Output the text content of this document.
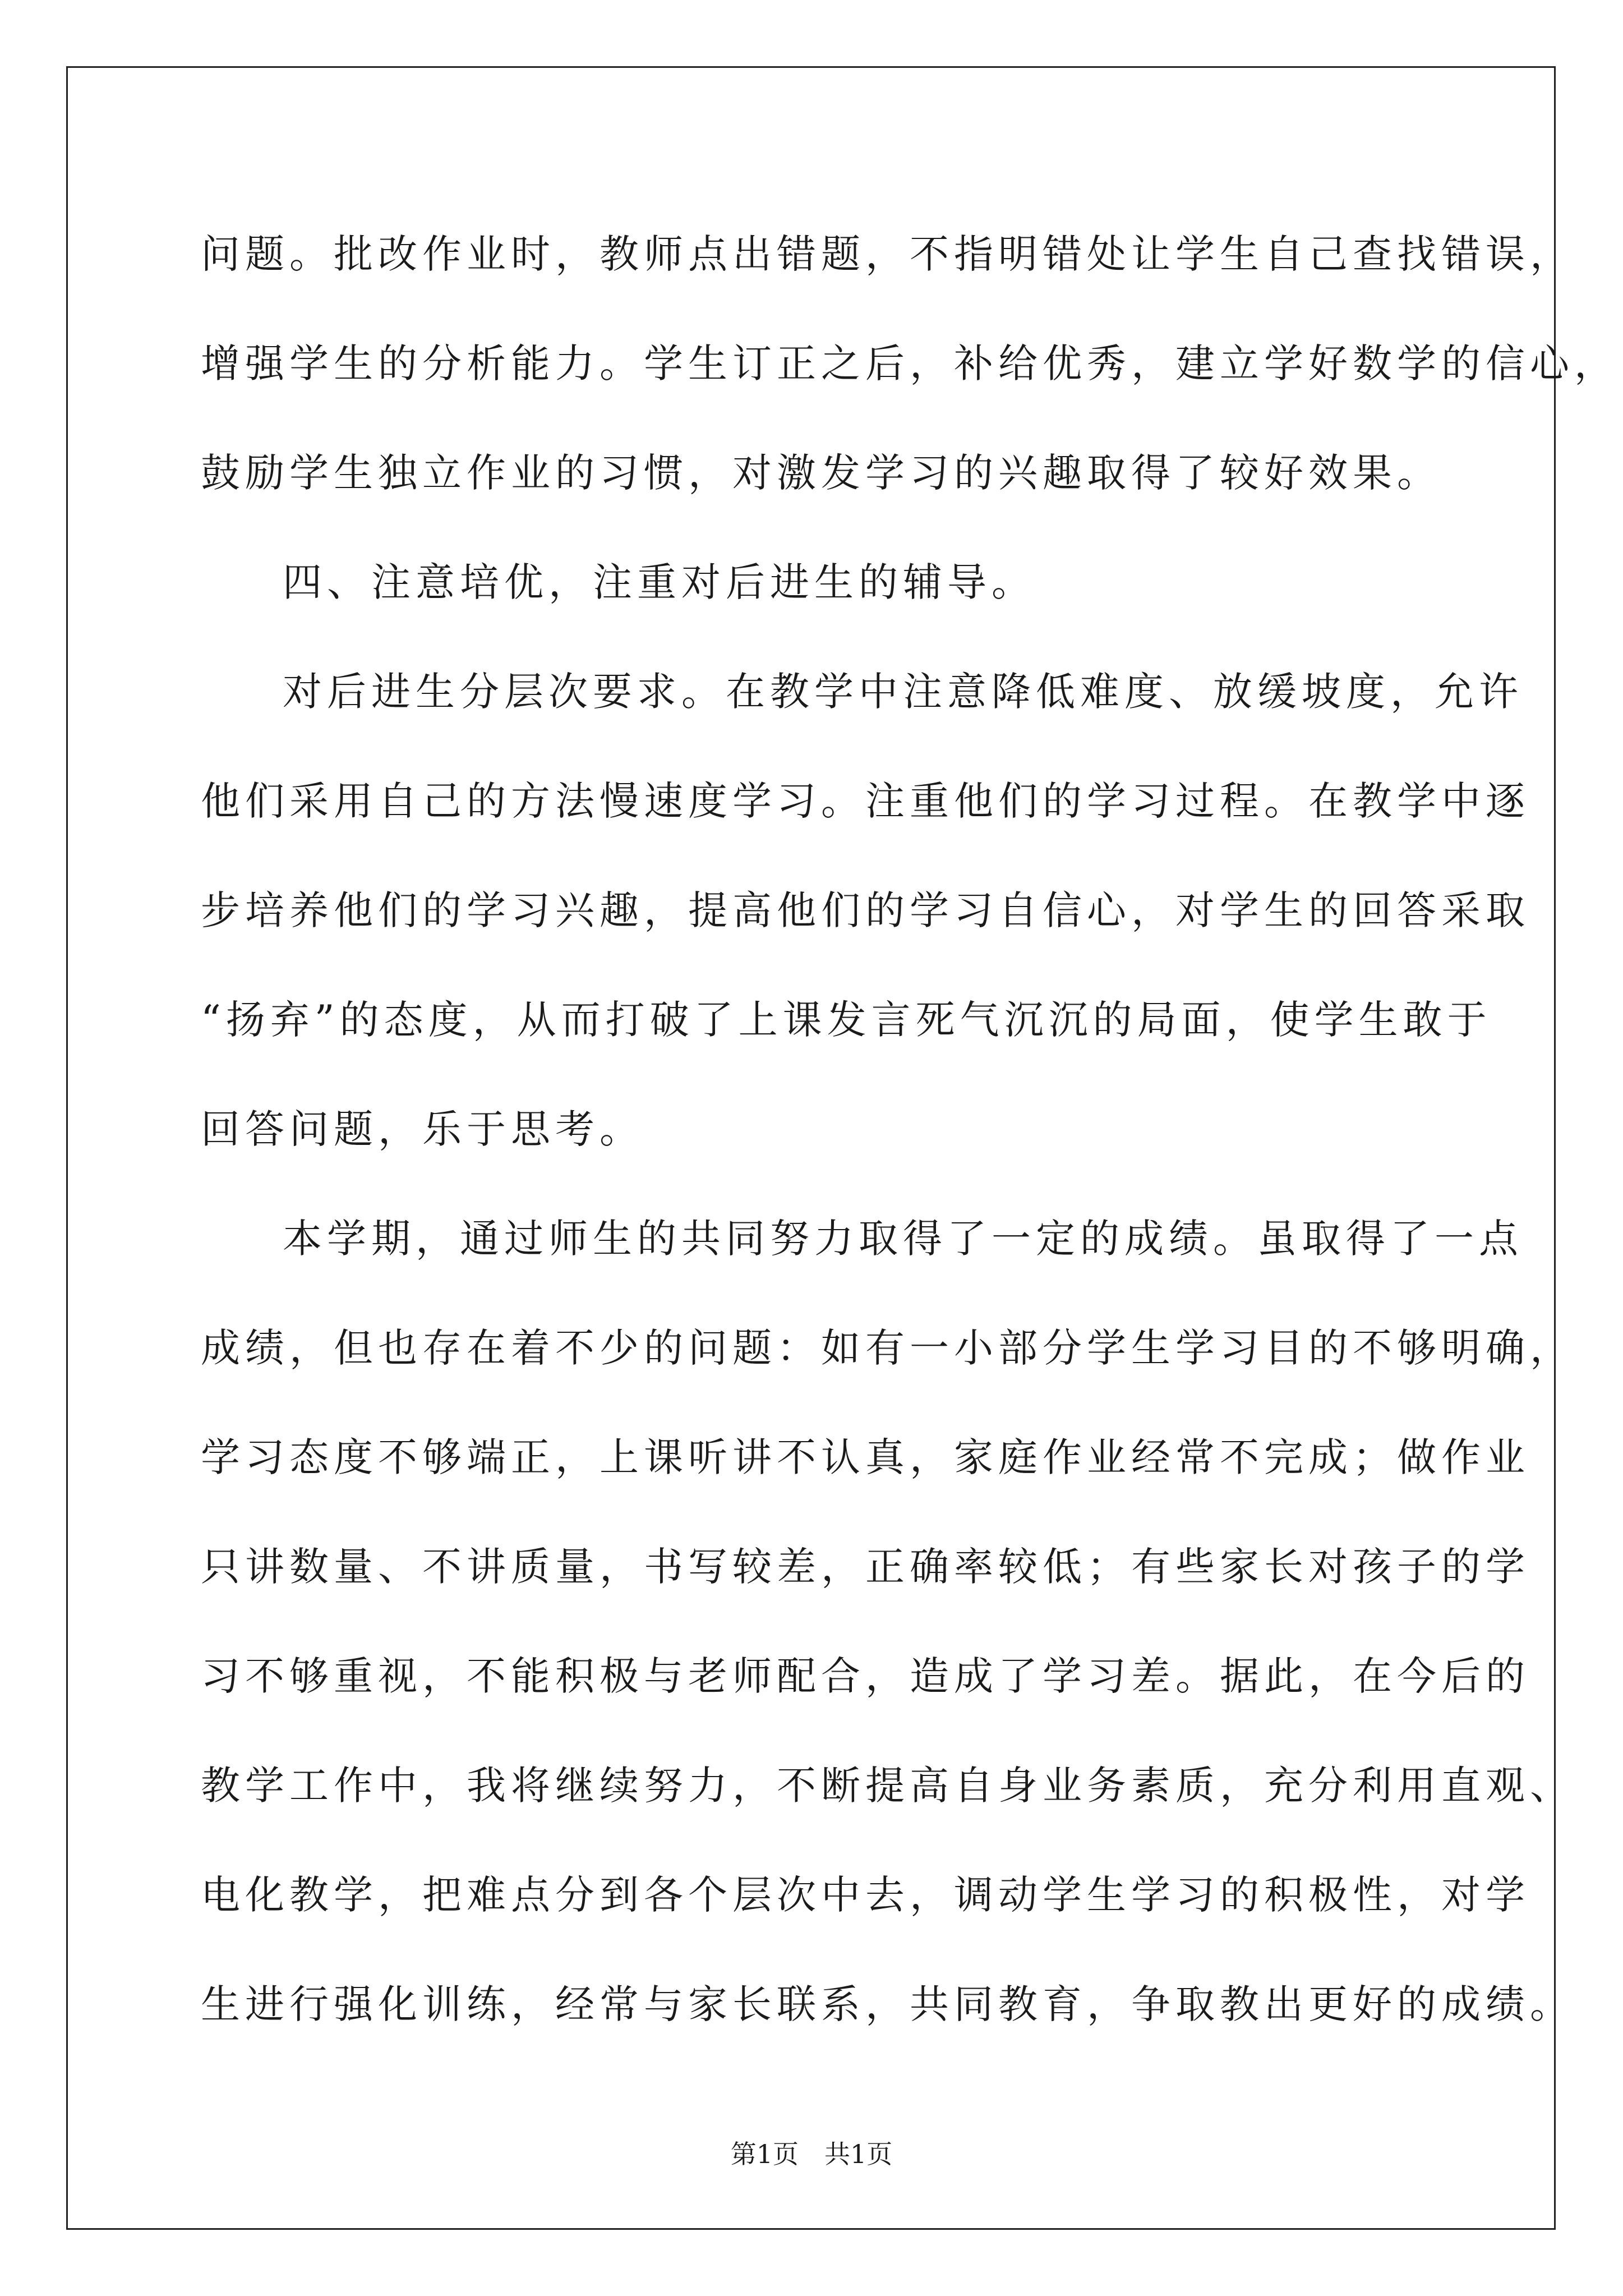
问题。批改作业时，教师点出错题，不指明错处让学生自己查找错误，
增强学生的分析能力。学生订正之后，补给优秀，建立学好数学的信心，
鼓励学生独立作业的习惯，对激发学习的兴趣取得了较好效果。
四、注意培优，注重对后进生的辅导。
对后进生分层次要求。在教学中注意降低难度、放缓坡度，允许
他们采用自己的方法慢速度学习。注重他们的学习过程。在教学中逐
步培养他们的学习兴趣，提高他们的学习自信心，对学生的回答采取
“扬弃”的态度，从而打破了上课发言死气沉沉的局面，使学生敢于
回答问题，乐于思考。
本学期，通过师生的共同努力取得了一定的成绩。虽取得了一点
成绩，但也存在着不少的问题：如有一小部分学生学习目的不够明确，
学习态度不够端正，上课听讲不认真，家庭作业经常不完成；做作业
只讲数量、不讲质量，书写较差，正确率较低；有些家长对孩子的学
习不够重视，不能积极与老师配合，造成了学习差。据此，在今后的
教学工作中，我将继续努力，不断提高自身业务素质，充分利用直观、
电化教学，把难点分到各个层次中去，调动学生学习的积极性，对学
生进行强化训练，经常与家长联系，共同教育，争取教出更好的成绩。
第1页　共1页
